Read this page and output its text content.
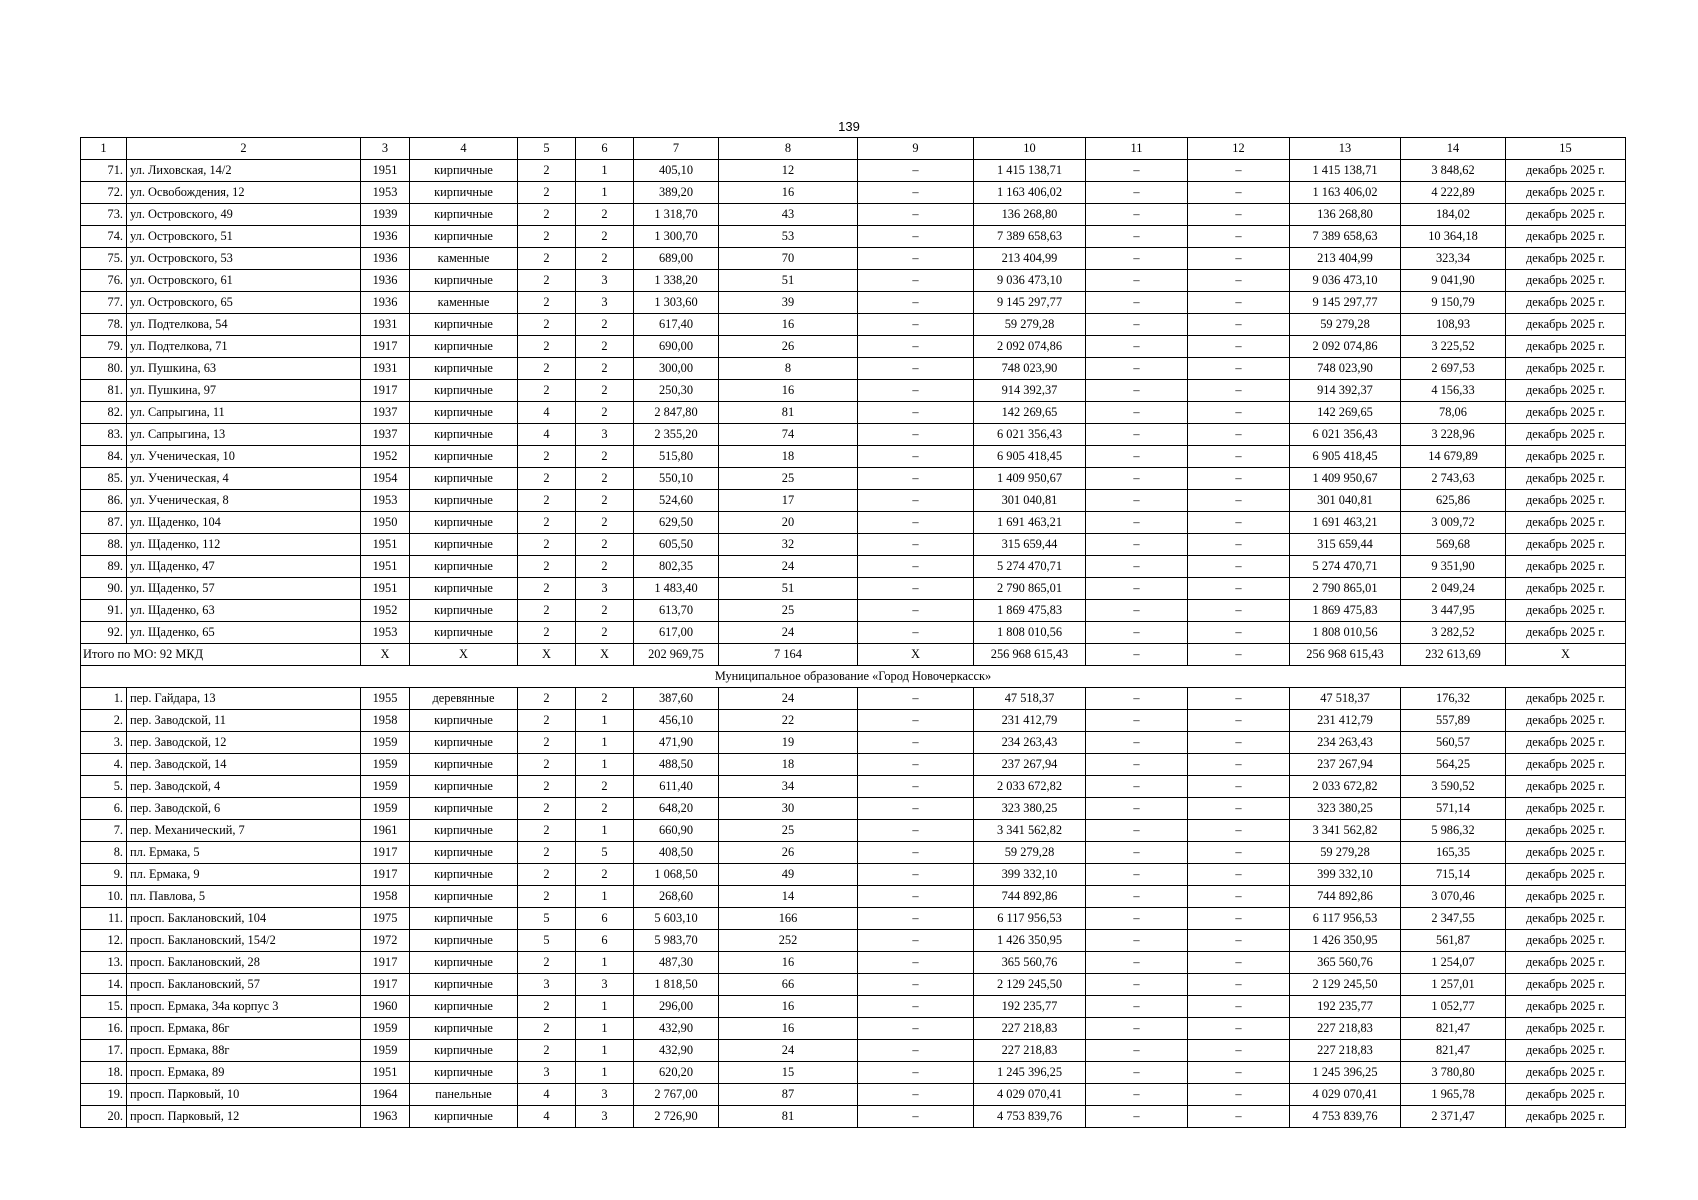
139
1	2	3	4	5	6	7	8	9	10	11	12	13	14	15
71.	ул. Лиховская, 14/2	1951	кирпичные	2	1	405,10	12	–	1 415 138,71	–	–	1 415 138,71	3 848,62	декабрь 2025 г.
72.	ул. Освобождения, 12	1953	кирпичные	2	1	389,20	16	–	1 163 406,02	–	–	1 163 406,02	4 222,89	декабрь 2025 г.
73.	ул. Островского, 49	1939	кирпичные	2	2	1 318,70	43	–	136 268,80	–	–	136 268,80	184,02	декабрь 2025 г.
74.	ул. Островского, 51	1936	кирпичные	2	2	1 300,70	53	–	7 389 658,63	–	–	7 389 658,63	10 364,18	декабрь 2025 г.
75.	ул. Островского, 53	1936	каменные	2	2	689,00	70	–	213 404,99	–	–	213 404,99	323,34	декабрь 2025 г.
76.	ул. Островского, 61	1936	кирпичные	2	3	1 338,20	51	–	9 036 473,10	–	–	9 036 473,10	9 041,90	декабрь 2025 г.
77.	ул. Островского, 65	1936	каменные	2	3	1 303,60	39	–	9 145 297,77	–	–	9 145 297,77	9 150,79	декабрь 2025 г.
78.	ул. Подтелкова, 54	1931	кирпичные	2	2	617,40	16	–	59 279,28	–	–	59 279,28	108,93	декабрь 2025 г.
79.	ул. Подтелкова, 71	1917	кирпичные	2	2	690,00	26	–	2 092 074,86	–	–	2 092 074,86	3 225,52	декабрь 2025 г.
80.	ул. Пушкина, 63	1931	кирпичные	2	2	300,00	8	–	748 023,90	–	–	748 023,90	2 697,53	декабрь 2025 г.
81.	ул. Пушкина, 97	1917	кирпичные	2	2	250,30	16	–	914 392,37	–	–	914 392,37	4 156,33	декабрь 2025 г.
82.	ул. Сапрыгина, 11	1937	кирпичные	4	2	2 847,80	81	–	142 269,65	–	–	142 269,65	78,06	декабрь 2025 г.
83.	ул. Сапрыгина, 13	1937	кирпичные	4	3	2 355,20	74	–	6 021 356,43	–	–	6 021 356,43	3 228,96	декабрь 2025 г.
84.	ул. Ученическая, 10	1952	кирпичные	2	2	515,80	18	–	6 905 418,45	–	–	6 905 418,45	14 679,89	декабрь 2025 г.
85.	ул. Ученическая, 4	1954	кирпичные	2	2	550,10	25	–	1 409 950,67	–	–	1 409 950,67	2 743,63	декабрь 2025 г.
86.	ул. Ученическая, 8	1953	кирпичные	2	2	524,60	17	–	301 040,81	–	–	301 040,81	625,86	декабрь 2025 г.
87.	ул. Щаденко, 104	1950	кирпичные	2	2	629,50	20	–	1 691 463,21	–	–	1 691 463,21	3 009,72	декабрь 2025 г.
88.	ул. Щаденко, 112	1951	кирпичные	2	2	605,50	32	–	315 659,44	–	–	315 659,44	569,68	декабрь 2025 г.
89.	ул. Щаденко, 47	1951	кирпичные	2	2	802,35	24	–	5 274 470,71	–	–	5 274 470,71	9 351,90	декабрь 2025 г.
90.	ул. Щаденко, 57	1951	кирпичные	2	3	1 483,40	51	–	2 790 865,01	–	–	2 790 865,01	2 049,24	декабрь 2025 г.
91.	ул. Щаденко, 63	1952	кирпичные	2	2	613,70	25	–	1 869 475,83	–	–	1 869 475,83	3 447,95	декабрь 2025 г.
92.	ул. Щаденко, 65	1953	кирпичные	2	2	617,00	24	–	1 808 010,56	–	–	1 808 010,56	3 282,52	декабрь 2025 г.
Итого по МО: 92 МКД		Х	Х	Х	Х	202 969,75	7 164	Х	256 968 615,43	–	–	256 968 615,43	232 613,69	Х
Муниципальное образование «Город Новочеркасск»														
1.	пер. Гайдара, 13	1955	деревянные	2	2	387,60	24	–	47 518,37	–	–	47 518,37	176,32	декабрь 2025 г.
2.	пер. Заводской, 11	1958	кирпичные	2	1	456,10	22	–	231 412,79	–	–	231 412,79	557,89	декабрь 2025 г.
3.	пер. Заводской, 12	1959	кирпичные	2	1	471,90	19	–	234 263,43	–	–	234 263,43	560,57	декабрь 2025 г.
4.	пер. Заводской, 14	1959	кирпичные	2	1	488,50	18	–	237 267,94	–	–	237 267,94	564,25	декабрь 2025 г.
5.	пер. Заводской, 4	1959	кирпичные	2	2	611,40	34	–	2 033 672,82	–	–	2 033 672,82	3 590,52	декабрь 2025 г.
6.	пер. Заводской, 6	1959	кирпичные	2	2	648,20	30	–	323 380,25	–	–	323 380,25	571,14	декабрь 2025 г.
7.	пер. Механический, 7	1961	кирпичные	2	1	660,90	25	–	3 341 562,82	–	–	3 341 562,82	5 986,32	декабрь 2025 г.
8.	пл. Ермака, 5	1917	кирпичные	2	5	408,50	26	–	59 279,28	–	–	59 279,28	165,35	декабрь 2025 г.
9.	пл. Ермака, 9	1917	кирпичные	2	2	1 068,50	49	–	399 332,10	–	–	399 332,10	715,14	декабрь 2025 г.
10.	пл. Павлова, 5	1958	кирпичные	2	1	268,60	14	–	744 892,86	–	–	744 892,86	3 070,46	декабрь 2025 г.
11.	просп. Баклановский, 104	1975	кирпичные	5	6	5 603,10	166	–	6 117 956,53	–	–	6 117 956,53	2 347,55	декабрь 2025 г.
12.	просп. Баклановский, 154/2	1972	кирпичные	5	6	5 983,70	252	–	1 426 350,95	–	–	1 426 350,95	561,87	декабрь 2025 г.
13.	просп. Баклановский, 28	1917	кирпичные	2	1	487,30	16	–	365 560,76	–	–	365 560,76	1 254,07	декабрь 2025 г.
14.	просп. Баклановский, 57	1917	кирпичные	3	3	1 818,50	66	–	2 129 245,50	–	–	2 129 245,50	1 257,01	декабрь 2025 г.
15.	просп. Ермака, 34а корпус 3	1960	кирпичные	2	1	296,00	16	–	192 235,77	–	–	192 235,77	1 052,77	декабрь 2025 г.
16.	просп. Ермака, 86г	1959	кирпичные	2	1	432,90	16	–	227 218,83	–	–	227 218,83	821,47	декабрь 2025 г.
17.	просп. Ермака, 88г	1959	кирпичные	2	1	432,90	24	–	227 218,83	–	–	227 218,83	821,47	декабрь 2025 г.
18.	просп. Ермака, 89	1951	кирпичные	3	1	620,20	15	–	1 245 396,25	–	–	1 245 396,25	3 780,80	декабрь 2025 г.
19.	просп. Парковый, 10	1964	панельные	4	3	2 767,00	87	–	4 029 070,41	–	–	4 029 070,41	1 965,78	декабрь 2025 г.
20.	просп. Парковый, 12	1963	кирпичные	4	3	2 726,90	81	–	4 753 839,76	–	–	4 753 839,76	2 371,47	декабрь 2025 г.
